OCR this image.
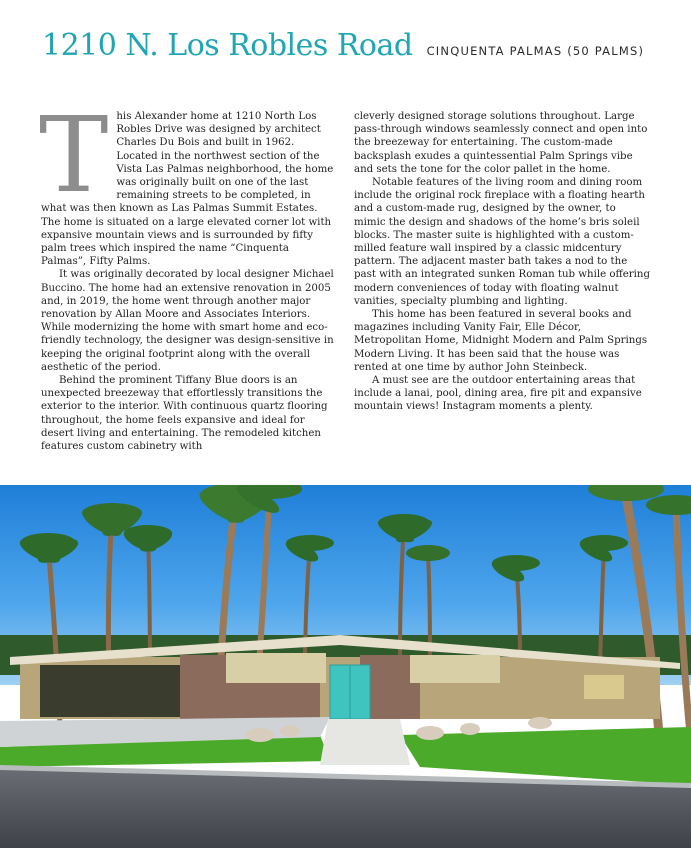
1210 N. Los Robles Road CINQUENTA PALMAS (50 PALMS)
T his Alexander home at 1210 North Los Robles Drive was designed by architect Charles Du Bois and built in 1962. Located in the northwest section of the Vista Las Palmas neighborhood, the home was originally built on one of the last remaining streets to be completed, in what was then known as Las Palmas Summit Estates. The home is situated on a large elevated corner lot with expansive mountain views and is surrounded by fifty palm trees which inspired the name “Cinquenta Palmas”, Fifty Palms.

It was originally decorated by local designer Michael Buccino. The home had an extensive renovation in 2005 and, in 2019, the home went through another major renovation by Allan Moore and Associates Interiors. While modernizing the home with smart home and eco-friendly technology, the designer was design-sensitive in keeping the original footprint along with the overall aesthetic of the period.

Behind the prominent Tiffany Blue doors is an unexpected breezeway that effortlessly transitions the exterior to the interior. With continuous quartz flooring throughout, the home feels expansive and ideal for desert living and entertaining. The remodeled kitchen features custom cabinetry with

cleverly designed storage solutions throughout. Large pass-through windows seamlessly connect and open into the breezeway for entertaining. The custom-made backsplash exudes a quintessential Palm Springs vibe and sets the tone for the color pallet in the home.

Notable features of the living room and dining room include the original rock fireplace with a floating hearth and a custom-made rug, designed by the owner, to mimic the design and shadows of the home’s bris soleil blocks. The master suite is highlighted with a custom-milled feature wall inspired by a classic midcentury pattern. The adjacent master bath takes a nod to the past with an integrated sunken Roman tub while offering modern conveniences of today with floating walnut vanities, specialty plumbing and lighting.

This home has been featured in several books and magazines including Vanity Fair, Elle Décor, Metropolitan Home, Midnight Modern and Palm Springs Modern Living. It has been said that the house was rented at one time by author John Steinbeck.

A must see are the outdoor entertaining areas that include a lanai, pool, dining area, fire pit and expansive mountain views! Instagram moments a plenty.
